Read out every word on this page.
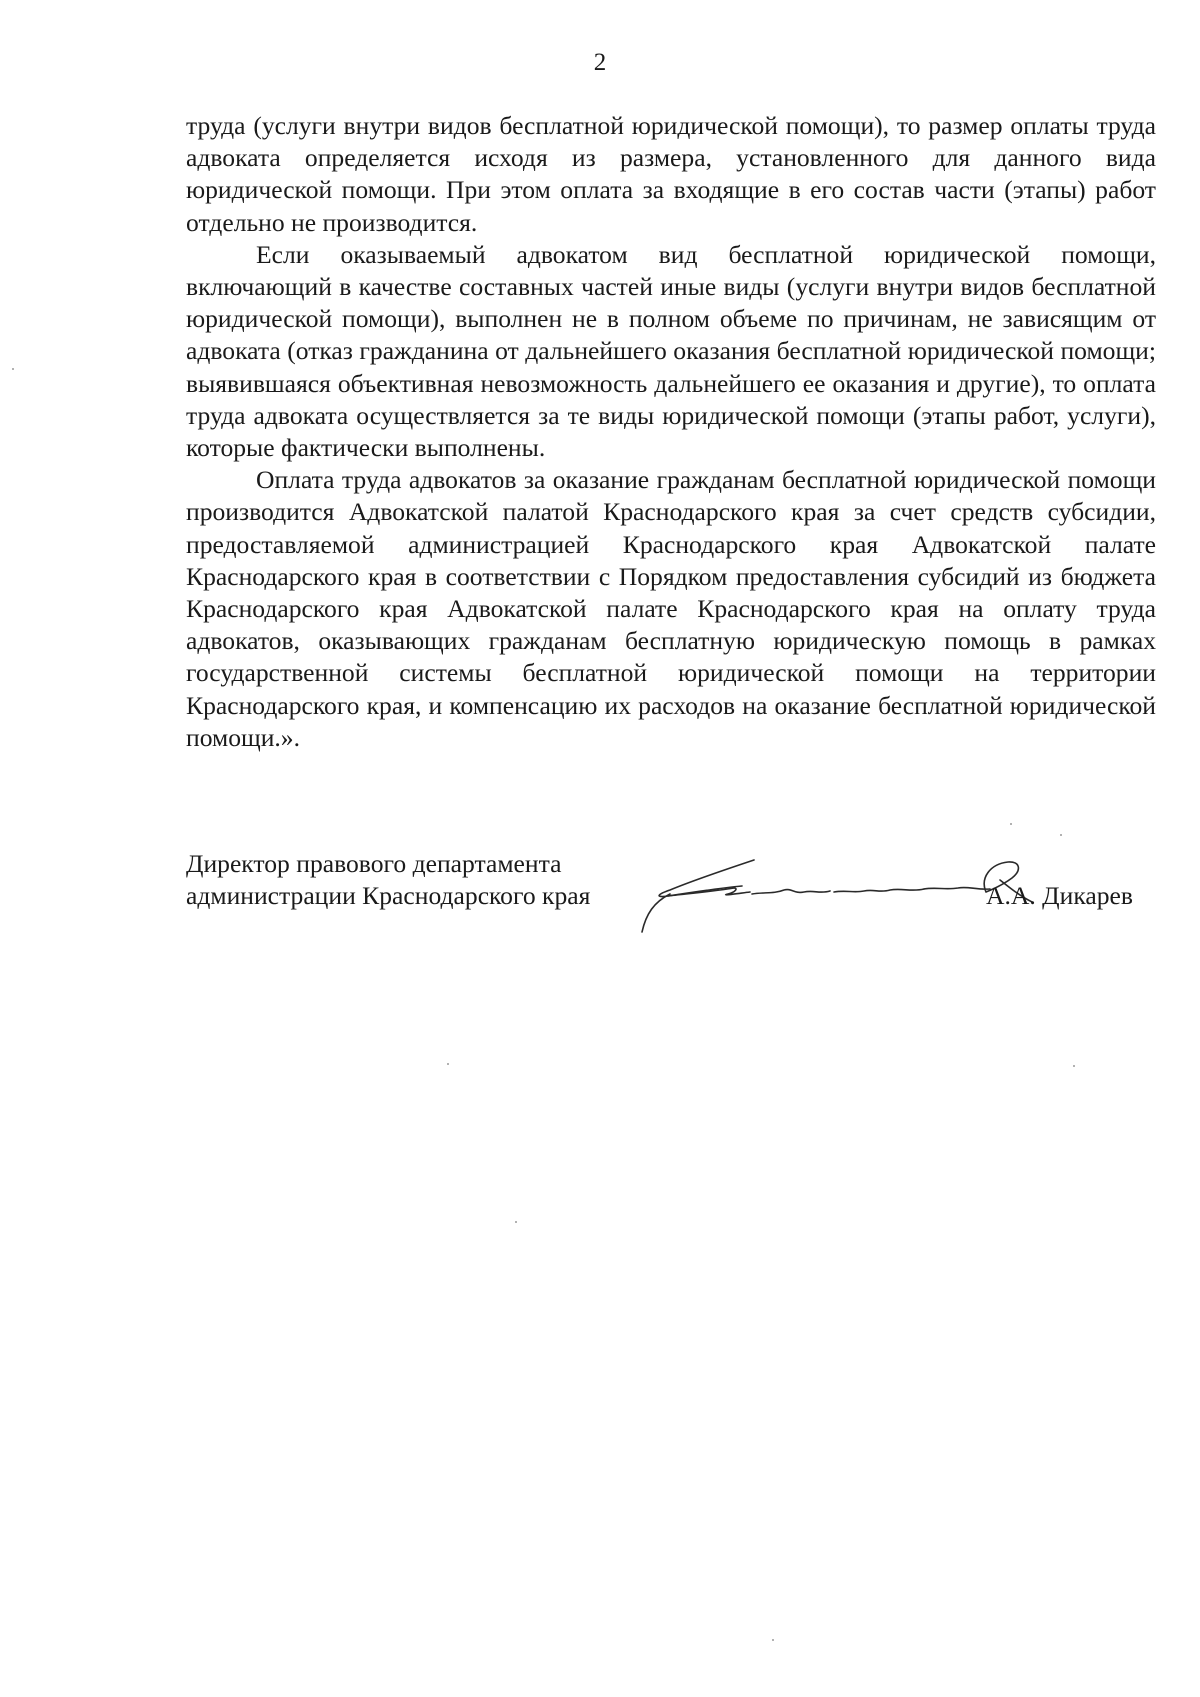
2

труда (услуги внутри видов бесплатной юридической помощи), то размер оплаты труда адвоката определяется исходя из размера, установленного для данного вида юридической помощи. При этом оплата за входящие в его состав части (этапы) работ отдельно не производится.

Если оказываемый адвокатом вид бесплатной юридической помощи, включающий в качестве составных частей иные виды (услуги внутри видов бесплатной юридической помощи), выполнен не в полном объеме по причинам, не зависящим от адвоката (отказ гражданина от дальнейшего оказания бесплатной юридической помощи; выявившаяся объективная невозможность дальнейшего ее оказания и другие), то оплата труда адвоката осуществляется за те виды юридической помощи (этапы работ, услуги), которые фактически выполнены.

Оплата труда адвокатов за оказание гражданам бесплатной юридической помощи производится Адвокатской палатой Краснодарского края за счет средств субсидии, предоставляемой администрацией Краснодарского края Адвокатской палате Краснодарского края в соответствии с Порядком предоставления субсидий из бюджета Краснодарского края Адвокатской палате Краснодарского края на оплату труда адвокатов, оказывающих гражданам бесплатную юридическую помощь в рамках государственной системы бесплатной юридической помощи на территории Краснодарского края, и компенсацию их расходов на оказание бесплатной юридической помощи.».

Директор правового департамента
администрации Краснодарского края	А.А. Дикарев
